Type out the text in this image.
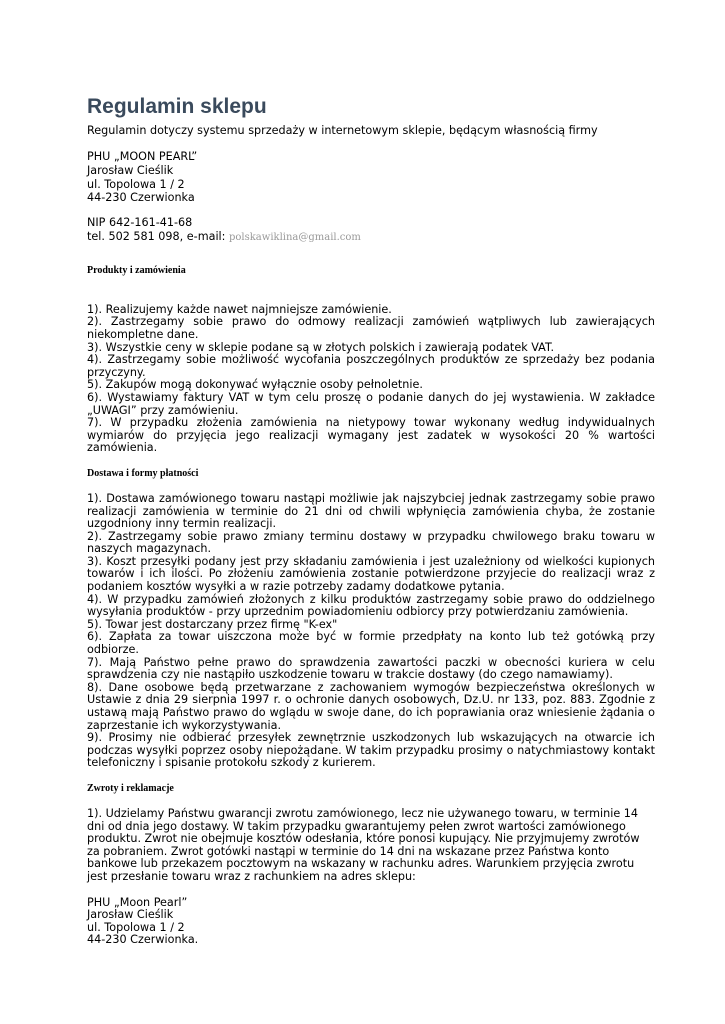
Regulamin sklepu
Regulamin dotyczy systemu sprzedaży w internetowym sklepie, będącym własnością firmy
PHU „MOON PEARL”
Jarosław Cieślik
ul. Topolowa 1 / 2
44-230 Czerwionka
NIP 642-161-41-68
tel. 502 581 098, e-mail: polskawiklina@gmail.com
Produkty i zamówienia

1). Realizujemy każde nawet najmniejsze zamówienie.

2). Zastrzegamy sobie prawo do odmowy realizacji zamówień wątpliwych lub zawierających niekompletne dane.

3). Wszystkie ceny w sklepie podane są w złotych polskich i zawierają podatek VAT.

4). Zastrzegamy sobie możliwość wycofania poszczególnych produktów ze sprzedaży bez podania przyczyny.

5). Zakupów mogą dokonywać wyłącznie osoby pełnoletnie.

6). Wystawiamy faktury VAT w tym celu proszę o podanie danych do jej wystawienia. W zakładce „UWAGI” przy zamówieniu.

7). W przypadku złożenia zamówienia na nietypowy towar wykonany według indywidualnych wymiarów do przyjęcia jego realizacji wymagany jest zadatek w wysokości 20 % wartości zamówienia.

Dostawa i formy płatności

1). Dostawa zamówionego towaru nastąpi możliwie jak najszybciej jednak zastrzegamy sobie prawo realizacji zamówienia w terminie do 21 dni od chwili wpłynięcia zamówienia chyba, że zostanie uzgodniony inny termin realizacji.

2). Zastrzegamy sobie prawo zmiany terminu dostawy w przypadku chwilowego braku towaru w naszych magazynach.

3). Koszt przesyłki podany jest przy składaniu zamówienia i jest uzależniony od wielkości kupionych towarów i ich ilości. Po złożeniu zamówienia zostanie potwierdzone przyjecie do realizacji wraz z podaniem kosztów wysyłki a w razie potrzeby zadamy dodatkowe pytania.

4). W przypadku zamówień złożonych z kilku produktów zastrzegamy sobie prawo do oddzielnego wysyłania produktów - przy uprzednim powiadomieniu odbiorcy przy potwierdzaniu zamówienia.

5). Towar jest dostarczany przez firmę "K-ex"

6). Zapłata za towar uiszczona może być w formie przedpłaty na konto lub też gotówką przy odbiorze.

7). Mają Państwo pełne prawo do sprawdzenia zawartości paczki w obecności kuriera w celu sprawdzenia czy nie nastąpiło uszkodzenie towaru w trakcie dostawy (do czego namawiamy).

8). Dane osobowe będą przetwarzane z zachowaniem wymogów bezpieczeństwa określonych w Ustawie z dnia 29 sierpnia 1997 r. o ochronie danych osobowych, Dz.U. nr 133, poz. 883. Zgodnie z ustawą mają Państwo prawo do wglądu w swoje dane, do ich poprawiania oraz wniesienie żądania o zaprzestanie ich wykorzystywania.

9). Prosimy nie odbierać przesyłek zewnętrznie uszkodzonych lub wskazujących na otwarcie ich podczas wysyłki poprzez osoby niepożądane. W takim przypadku prosimy o natychmiastowy kontakt telefoniczny i spisanie protokołu szkody z kurierem.

Zwroty i reklamacje

1). Udzielamy Państwu gwarancji zwrotu zamówionego, lecz nie używanego towaru, w terminie 14 dni od dnia jego dostawy. W takim przypadku gwarantujemy pełen zwrot wartości zamówionego produktu. Zwrot nie obejmuje kosztów odesłania, które ponosi kupujący. Nie przyjmujemy zwrotów za pobraniem. Zwrot gotówki nastąpi w terminie do 14 dni na wskazane przez Państwa konto bankowe lub przekazem pocztowym na wskazany w rachunku adres. Warunkiem przyjęcia zwrotu jest przesłanie towaru wraz z rachunkiem na adres sklepu:

PHU „Moon Pearl”
Jarosław Cieślik
ul. Topolowa 1 / 2
44-230 Czerwionka.
